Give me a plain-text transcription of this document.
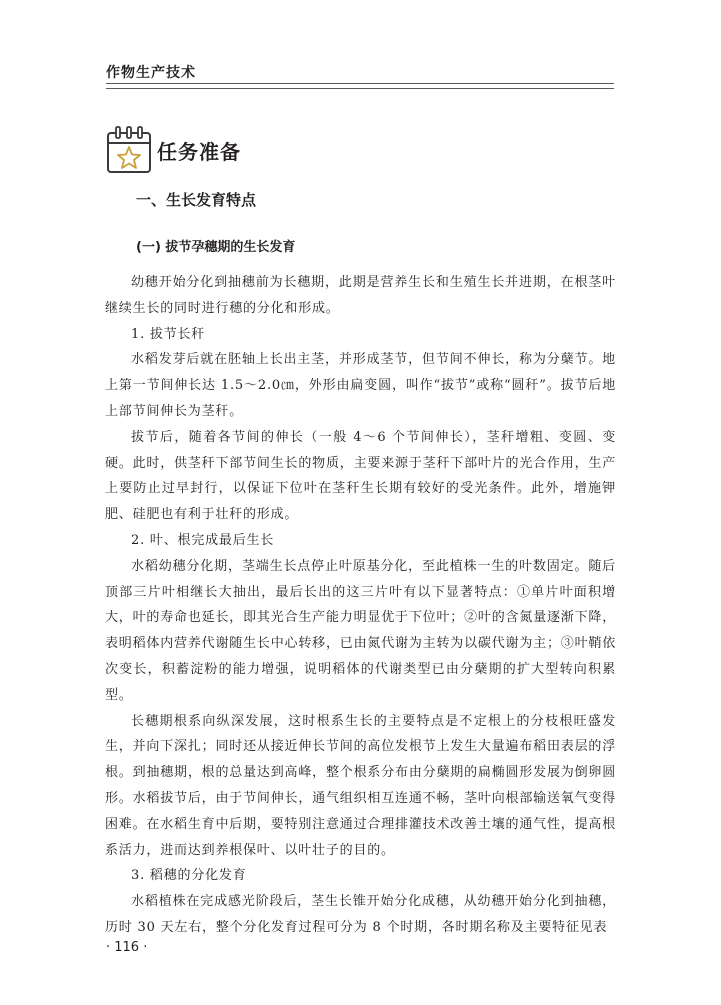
作物生产技术
任务准备
一、生长发育特点
(一) 拔节孕穗期的生长发育

幼穗开始分化到抽穗前为长穗期，此期是营养生长和生殖生长并进期，在根茎叶继续生长的同时进行穗的分化和形成。

1. 拔节长秆

水稻发芽后就在胚轴上长出主茎，并形成茎节，但节间不伸长，称为分蘖节。地上第一节间伸长达 1.5～2.0㎝，外形由扁变圆，叫作“拔节”或称“圆秆”。拔节后地上部节间伸长为茎秆。

拔节后，随着各节间的伸长（一般 4～6 个节间伸长），茎秆增粗、变圆、变硬。此时，供茎秆下部节间生长的物质，主要来源于茎秆下部叶片的光合作用，生产上要防止过早封行，以保证下位叶在茎秆生长期有较好的受光条件。此外，增施钾肥、硅肥也有利于壮秆的形成。

2. 叶、根完成最后生长

水稻幼穗分化期，茎端生长点停止叶原基分化，至此植株一生的叶数固定。随后顶部三片叶相继长大抽出，最后长出的这三片叶有以下显著特点：①单片叶面积增大，叶的寿命也延长，即其光合生产能力明显优于下位叶；②叶的含氮量逐渐下降，表明稻体内营养代谢随生长中心转移，已由氮代谢为主转为以碳代谢为主；③叶鞘依次变长，积蓄淀粉的能力增强，说明稻体的代谢类型已由分蘖期的扩大型转向积累型。

长穗期根系向纵深发展，这时根系生长的主要特点是不定根上的分枝根旺盛发生，并向下深扎；同时还从接近伸长节间的高位发根节上发生大量遍布稻田表层的浮根。到抽穗期，根的总量达到高峰，整个根系分布由分蘖期的扁椭圆形发展为倒卵圆形。水稻拔节后，由于节间伸长，通气组织相互连通不畅，茎叶向根部输送氧气变得困难。在水稻生育中后期，要特别注意通过合理排灌技术改善土壤的通气性，提高根系活力，进而达到养根保叶、以叶壮子的目的。

3. 稻穗的分化发育

水稻植株在完成感光阶段后，茎生长锥开始分化成穗，从幼穗开始分化到抽穗，历时 30 天左右，整个分化发育过程可分为 8 个时期，各时期名称及主要特征见表

· 116 ·
